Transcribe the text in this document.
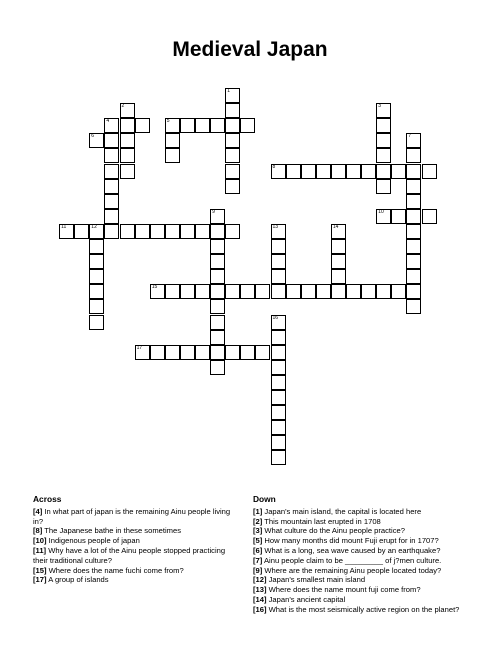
Medieval Japan
1
2	3
4	5
7
8
9	10
11	12	13	14
15
16
17
6
Across

[4] In what part of japan is the remaining Ainu people living in?

[8] The Japanese bathe in these sometimes

[10] Indigenous people of japan

[11] Why have a lot of the Ainu people stopped practicing their traditional culture?

[15] Where does the name fuchi come from?

[17] A group of islands

Down

[1] Japan's main island, the capital is located here

[2] This mountain last erupted in 1708

[3] What culture do the Ainu people practice?

[5] How many months did mount Fuji erupt for in 1707?

[6] What is a long, sea wave caused by an earthquake?

[7] Ainu people claim to be _________ of j?men culture.

[9] Where are the remaining Ainu people located today?

[12] Japan's smallest main island

[13] Where does the name mount fuji come from?

[14] Japan's ancient capital

[16] What is the most seismically active region on the planet?
